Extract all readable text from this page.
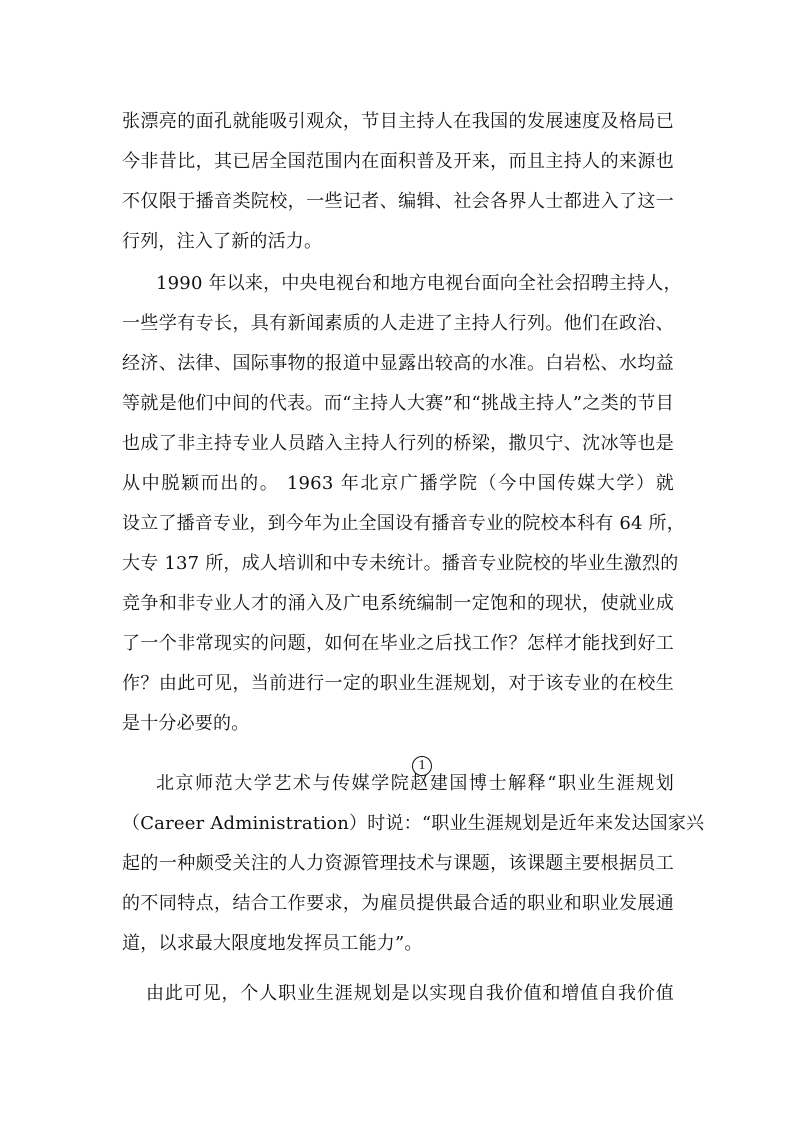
张漂亮的面孔就能吸引观众，节目主持人在我国的发展速度及格局已
今非昔比，其已居全国范围内在面积普及开来，而且主持人的来源也
不仅限于播音类院校，一些记者、编辑、社会各界人士都进入了这一
行列，注入了新的活力。
1990 年以来，中央电视台和地方电视台面向全社会招聘主持人，
一些学有专长，具有新闻素质的人走进了主持人行列。他们在政治、
经济、法律、国际事物的报道中显露出较高的水准。白岩松、水均益
等就是他们中间的代表。而“主持人大赛”和“挑战主持人”之类的节目
也成了非主持专业人员踏入主持人行列的桥梁，撒贝宁、沈冰等也是
从中脱颖而出的。 1963 年北京广播学院（今中国传媒大学）就
设立了播音专业，到今年为止全国设有播音专业的院校本科有 64 所，
大专 137 所，成人培训和中专未统计。播音专业院校的毕业生激烈的
竞争和非专业人才的涌入及广电系统编制一定饱和的现状，使就业成
了一个非常现实的问题，如何在毕业之后找工作？怎样才能找到好工
作？由此可见，当前进行一定的职业生涯规划，对于该专业的在校生
是十分必要的。
1
北京师范大学艺术与传媒学院赵建国博士解释“职业生涯规划
（Career Administration）时说：“职业生涯规划是近年来发达国家兴
起的一种颇受关注的人力资源管理技术与课题，该课题主要根据员工
的不同特点，结合工作要求，为雇员提供最合适的职业和职业发展通
道，以求最大限度地发挥员工能力”。
由此可见，个人职业生涯规划是以实现自我价值和增值自我价值
